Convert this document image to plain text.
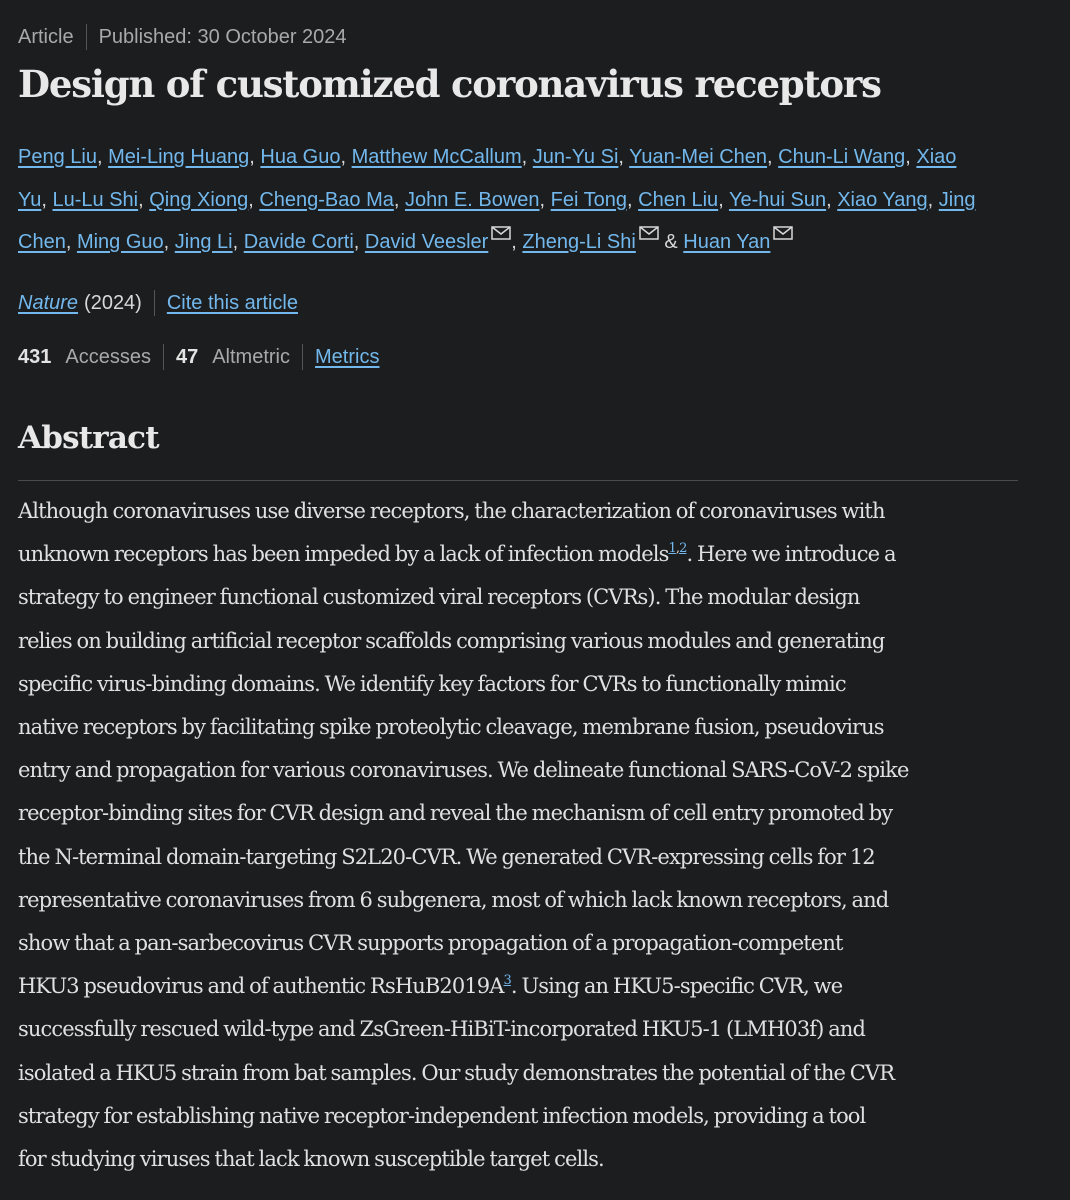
Article Published: 30 October 2024
Design of customized coronavirus receptors
Peng Liu, Mei-Ling Huang, Hua Guo, Matthew McCallum, Jun-Yu Si, Yuan-Mei Chen, Chun-Li Wang, Xiao
Yu, Lu-Lu Shi, Qing Xiong, Cheng-Bao Ma, John E. Bowen, Fei Tong, Chen Liu, Ye-hui Sun, Xiao Yang, Jing
Chen, Ming Guo, Jing Li, Davide Corti, David Veesler , Zheng-Li Shi & Huan Yan
Nature (2024) Cite this article
431 Accesses 47 Altmetric Metrics
Abstract
Although coronaviruses use diverse receptors, the characterization of coronaviruses with
unknown receptors has been impeded by a lack of infection models$^{1,2}$. Here we introduce a
strategy to engineer functional customized viral receptors (CVRs). The modular design
relies on building artificial receptor scaffolds comprising various modules and generating
specific virus-binding domains. We identify key factors for CVRs to functionally mimic
native receptors by facilitating spike proteolytic cleavage, membrane fusion, pseudovirus
entry and propagation for various coronaviruses. We delineate functional SARS-CoV-2 spike
receptor-binding sites for CVR design and reveal the mechanism of cell entry promoted by
the N-terminal domain-targeting S2L20-CVR. We generated CVR-expressing cells for 12
representative coronaviruses from 6 subgenera, most of which lack known receptors, and
show that a pan-sarbecovirus CVR supports propagation of a propagation-competent
HKU3 pseudovirus and of authentic $RsHuB2019A^3$. Using an HKU5-specific CVR, we
successfully rescued wild-type and ZsGreen-HiBiT-incorporated HKU5-1 (LMH03f) and
isolated a HKU5 strain from bat samples. Our study demonstrates the potential of the CVR
strategy for establishing native receptor-independent infection models, providing a tool
for studying viruses that lack known susceptible target cells.
